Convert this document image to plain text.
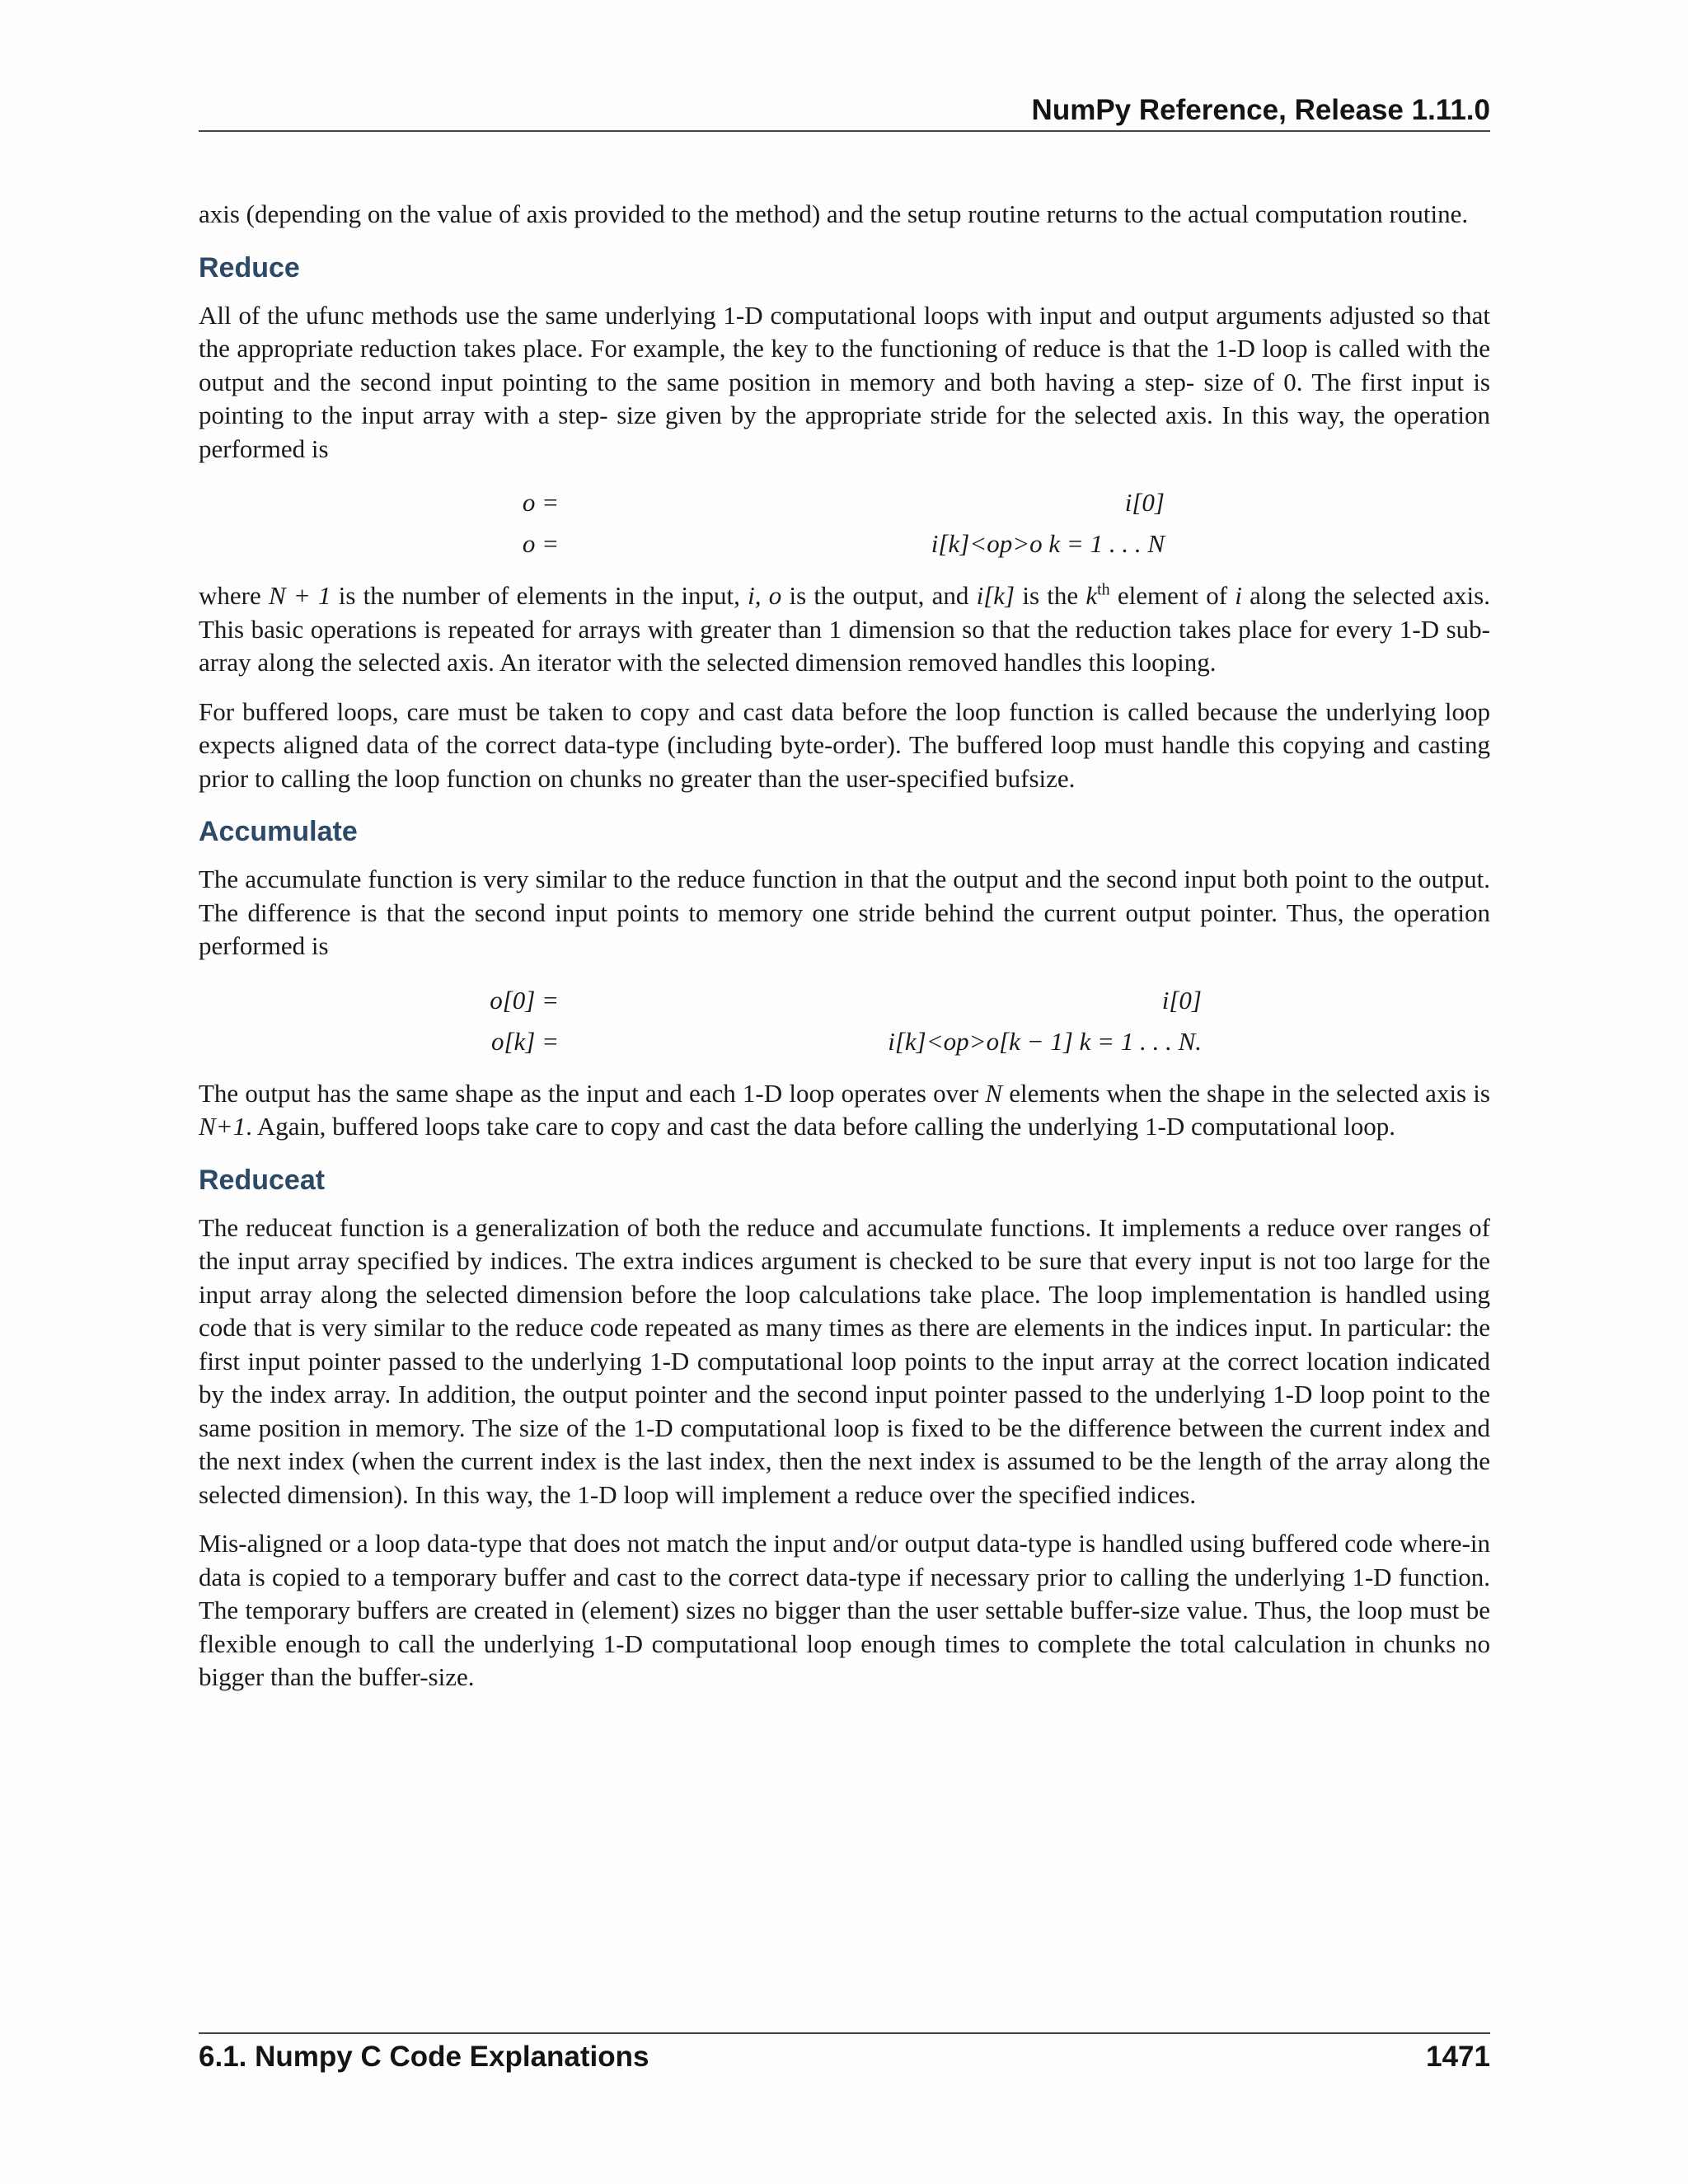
NumPy Reference, Release 1.11.0

axis (depending on the value of axis provided to the method) and the setup routine returns to the actual computation routine.

Reduce

All of the ufunc methods use the same underlying 1-D computational loops with input and output arguments adjusted so that the appropriate reduction takes place. For example, the key to the functioning of reduce is that the 1-D loop is called with the output and the second input pointing to the same position in memory and both having a step- size of 0. The first input is pointing to the input array with a step- size given by the appropriate stride for the selected axis. In this way, the operation performed is

o =	i[0]
o =	i[k]<op>o k = 1 . . . N

where N + 1 is the number of elements in the input, i, o is the output, and i[k] is the $k^{th}$ element of i along the selected axis. This basic operations is repeated for arrays with greater than 1 dimension so that the reduction takes place for every 1-D sub-array along the selected axis. An iterator with the selected dimension removed handles this looping.

For buffered loops, care must be taken to copy and cast data before the loop function is called because the underlying loop expects aligned data of the correct data-type (including byte-order). The buffered loop must handle this copying and casting prior to calling the loop function on chunks no greater than the user-specified bufsize.

Accumulate

The accumulate function is very similar to the reduce function in that the output and the second input both point to the output. The difference is that the second input points to memory one stride behind the current output pointer. Thus, the operation performed is

o[0] =	i[0]
o[k] =	i[k]<op>o[k − 1] k = 1 . . . N.

The output has the same shape as the input and each 1-D loop operates over N elements when the shape in the selected axis is N+1. Again, buffered loops take care to copy and cast the data before calling the underlying 1-D computational loop.

Reduceat

The reduceat function is a generalization of both the reduce and accumulate functions. It implements a reduce over ranges of the input array specified by indices. The extra indices argument is checked to be sure that every input is not too large for the input array along the selected dimension before the loop calculations take place. The loop implementation is handled using code that is very similar to the reduce code repeated as many times as there are elements in the indices input. In particular: the first input pointer passed to the underlying 1-D computational loop points to the input array at the correct location indicated by the index array. In addition, the output pointer and the second input pointer passed to the underlying 1-D loop point to the same position in memory. The size of the 1-D computational loop is fixed to be the difference between the current index and the next index (when the current index is the last index, then the next index is assumed to be the length of the array along the selected dimension). In this way, the 1-D loop will implement a reduce over the specified indices.

Mis-aligned or a loop data-type that does not match the input and/or output data-type is handled using buffered code where-in data is copied to a temporary buffer and cast to the correct data-type if necessary prior to calling the underlying 1-D function. The temporary buffers are created in (element) sizes no bigger than the user settable buffer-size value. Thus, the loop must be flexible enough to call the underlying 1-D computational loop enough times to complete the total calculation in chunks no bigger than the buffer-size.

6.1. Numpy C Code Explanations	1471
